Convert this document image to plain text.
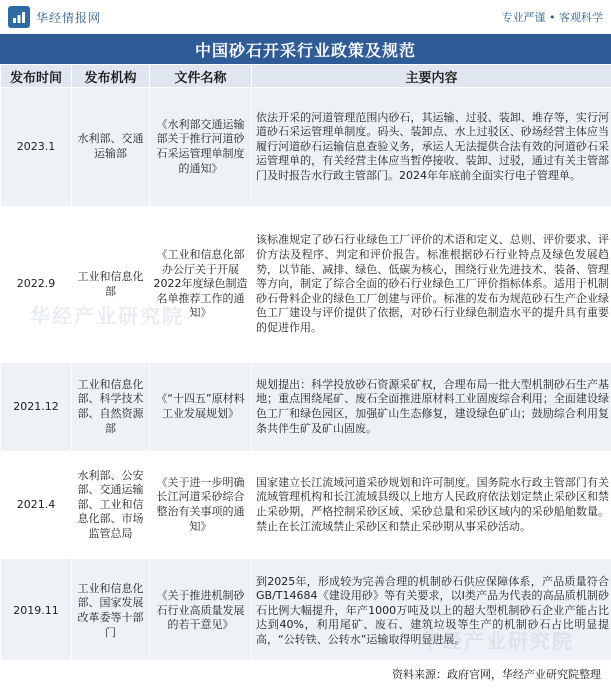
华经情报网	专业严谨 • 客观科学
中国砂石开采行业政策及规范
发布时间	发布机构	文件名称	主要内容
2023.1	水利部、交通运输部	《水利部交通运输部关于推行河道砂石采运管理单制度的通知》	依法开采的河道管理范围内砂石，其运输、过驳、装卸、堆存等，实行河道砂石采运管理单制度。码头、装卸点、水上过驳区、砂场经营主体应当履行河道砂石运输信息查验义务，承运人无法提供合法有效的河道砂石采运管理单的，有关经营主体应当暂停接收、装卸、过驳，通过有关主管部门及时报告水行政主管部门。2024年年底前全面实行电子管理单。
2022.9	工业和信息化部	《工业和信息化部办公厅关于开展2022年度绿色制造名单推荐工作的通知》	该标准规定了砂石行业绿色工厂评价的术语和定义、总则、评价要求、评价方法及程序、判定和评价报告。标准根据砂石行业特点及绿色发展趋势，以节能、减排、绿色、低碳为核心，围绕行业先进技术、装备、管理等方向，制定了综合全面的砂石行业绿色工厂评价指标体系。适用于机制砂石骨料企业的绿色工厂创建与评价。标准的发布为规范砂石生产企业绿色工厂建设与评价提供了依据，对砂石行业绿色制造水平的提升具有重要的促进作用。
2021.12	工业和信息化部、科学技术部、自然资源部	《“十四五”原材料工业发展规划》	规划提出：科学投放砂石资源采矿权，合理布局一批大型机制砂石生产基地；重点围绕尾矿、废石全面推进原材料工业固废综合利用；全面建设绿色工厂和绿色园区，加强矿山生态修复，建设绿色矿山；鼓励综合利用复条共伴生矿及矿山固废。
2021.4	水利部、公安部、交通运输部、工业和信息化部、市场监管总局	《关于进一步明确长江河道采砂综合整治有关事项的通知》	国家建立长江流域河道采砂规划和许可制度。国务院水行政主管部门有关流域管理机构和长江流域县级以上地方人民政府依法划定禁止采砂区和禁止采砂期，严格控制采砂区域、采砂总量和采砂区域内的采砂船舶数量。禁止在长江流域禁止采砂区和禁止采砂期从事采砂活动。
2019.11	工业和信息化部、国家发展改革委等十部门	《关于推进机制砂石行业高质量发展的若干意见》	到2025年，形成较为完善合理的机制砂石供应保障体系，产品质量符合GB/T14684《建设用砂》等有关要求，以I类产品为代表的高品质机制砂石比例大幅提升，年产1000万吨及以上的超大型机制砂石企业产能占比达到40%，利用尾矿、废石、建筑垃圾等生产的机制砂石占比明显提高，“公转铁、公转水”运输取得明显进展。
资料来源：政府官网，华经产业研究院整理
